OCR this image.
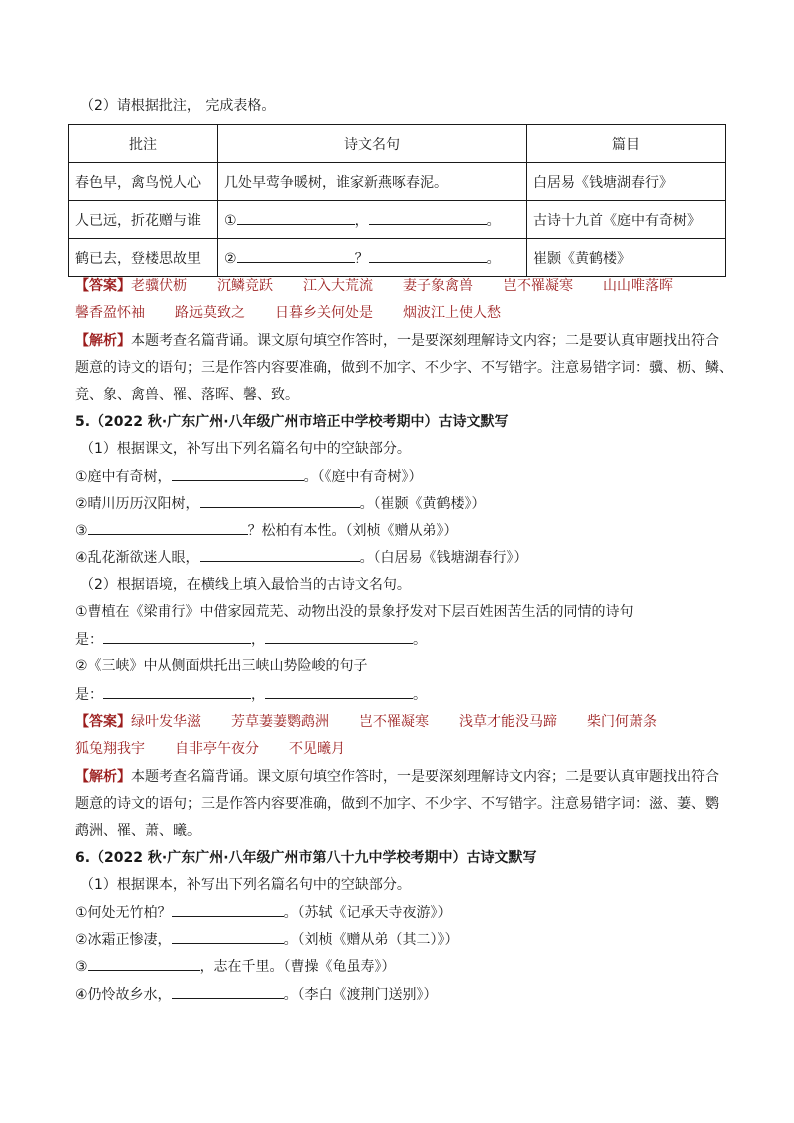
（2）请根据批注， 完成表格。
批注	诗文名句	篇目
春色早，禽鸟悦人心	几处早莺争暖树，谁家新燕啄春泥。	白居易《钱塘湖春行》
人已远，折花赠与谁	① ， 。	古诗十九首《庭中有奇树》
鹤已去，登楼思故里	② ？ 。	崔颢《黄鹤楼》
【答案】老骥伏枥 沉鳞竞跃 江入大荒流 妻子象禽兽 岂不罹凝寒 山山唯落晖
馨香盈怀袖 路远莫致之 日暮乡关何处是 烟波江上使人愁
【解析】本题考查名篇背诵。课文原句填空作答时，一是要深刻理解诗文内容；二是要认真审题找出符合
题意的诗文的语句；三是作答内容要准确，做到不加字、不少字、不写错字。注意易错字词：骥、枥、鳞、
竞、象、禽兽、罹、落晖、馨、致。
5.（2022 秋·广东广州·八年级广州市培正中学校考期中）古诗文默写
（1）根据课文，补写出下列名篇名句中的空缺部分。
①庭中有奇树，	。（《庭中有奇树》）
②晴川历历汉阳树，	。（崔颢《黄鹤楼》）
③	？松柏有本性。（刘桢《赠从弟》）
④乱花渐欲迷人眼，	。（白居易《钱塘湖春行》）
（2）根据语境，在横线上填入最恰当的古诗文名句。
①曹植在《梁甫行》中借家园荒芜、动物出没的景象抒发对下层百姓困苦生活的同情的诗句
是：	，	。
②《三峡》中从侧面烘托出三峡山势险峻的句子
是：	，	。
【答案】绿叶发华滋 芳草萋萋鹦鹉洲 岂不罹凝寒 浅草才能没马蹄 柴门何萧条
狐兔翔我宇 自非亭午夜分 不见曦月
【解析】本题考查名篇背诵。课文原句填空作答时，一是要深刻理解诗文内容；二是要认真审题找出符合
题意的诗文的语句；三是作答内容要准确，做到不加字、不少字、不写错字。注意易错字词：滋、萋、鹦
鹉洲、罹、萧、曦。
6.（2022 秋·广东广州·八年级广州市第八十九中学校考期中）古诗文默写
（1）根据课本，补写出下列名篇名句中的空缺部分。
①何处无竹柏？	。（苏轼《记承天寺夜游》）
②冰霜正惨凄，	。（刘桢《赠从弟（其二）》）
③	，志在千里。（曹操《龟虽寿》）
④仍怜故乡水，	。（李白《渡荆门送别》）
